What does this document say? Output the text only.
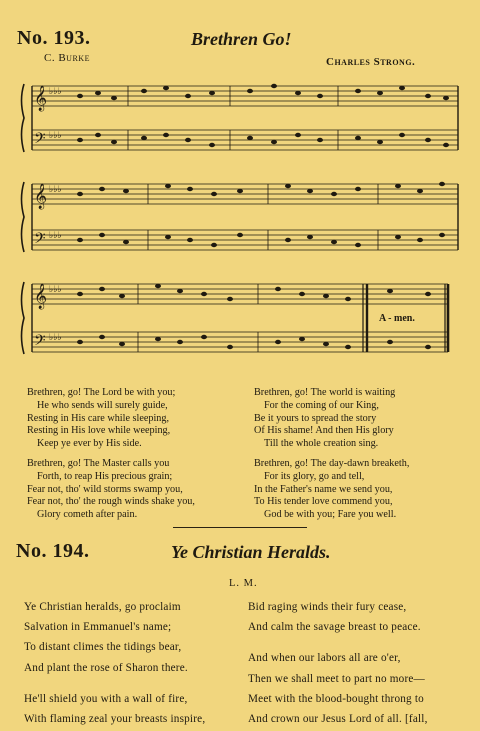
No. 193.	Brethren Go!
C. Burke	Charles Strong.
𝄞
𝄢
♭♭♭
♭♭♭
𝄞
𝄢
♭♭♭
♭♭♭
𝄞
𝄢
♭♭♭
♭♭♭
A - men.
Brethren, go! The Lord be with you;
He who sends will surely guide,
Resting in His care while sleeping,
Resting in His love while weeping,
Keep ye ever by His side.
Brethren, go! The Master calls you
Forth, to reap His precious grain;
Fear not, tho' wild storms swamp you,
Fear not, tho' the rough winds shake you,
Glory cometh after pain.
Brethren, go! The world is waiting
For the coming of our King,
Be it yours to spread the story
Of His shame! And then His glory
Till the whole creation sing.
Brethren, go! The day-dawn breaketh,
For its glory, go and tell,
In the Father's name we send you,
To His tender love commend you,
God be with you; Fare you well.
No. 194.	Ye Christian Heralds.
L. M.
Ye Christian heralds, go proclaim
Salvation in Emmanuel's name;
To distant climes the tidings bear,
And plant the rose of Sharon there.
He'll shield you with a wall of fire,
With flaming zeal your breasts inspire,
Bid raging winds their fury cease,
And calm the savage breast to peace.
And when our labors all are o'er,
Then we shall meet to part no more—
Meet with the blood-bought throng to
And crown our Jesus Lord of all. [fall,
